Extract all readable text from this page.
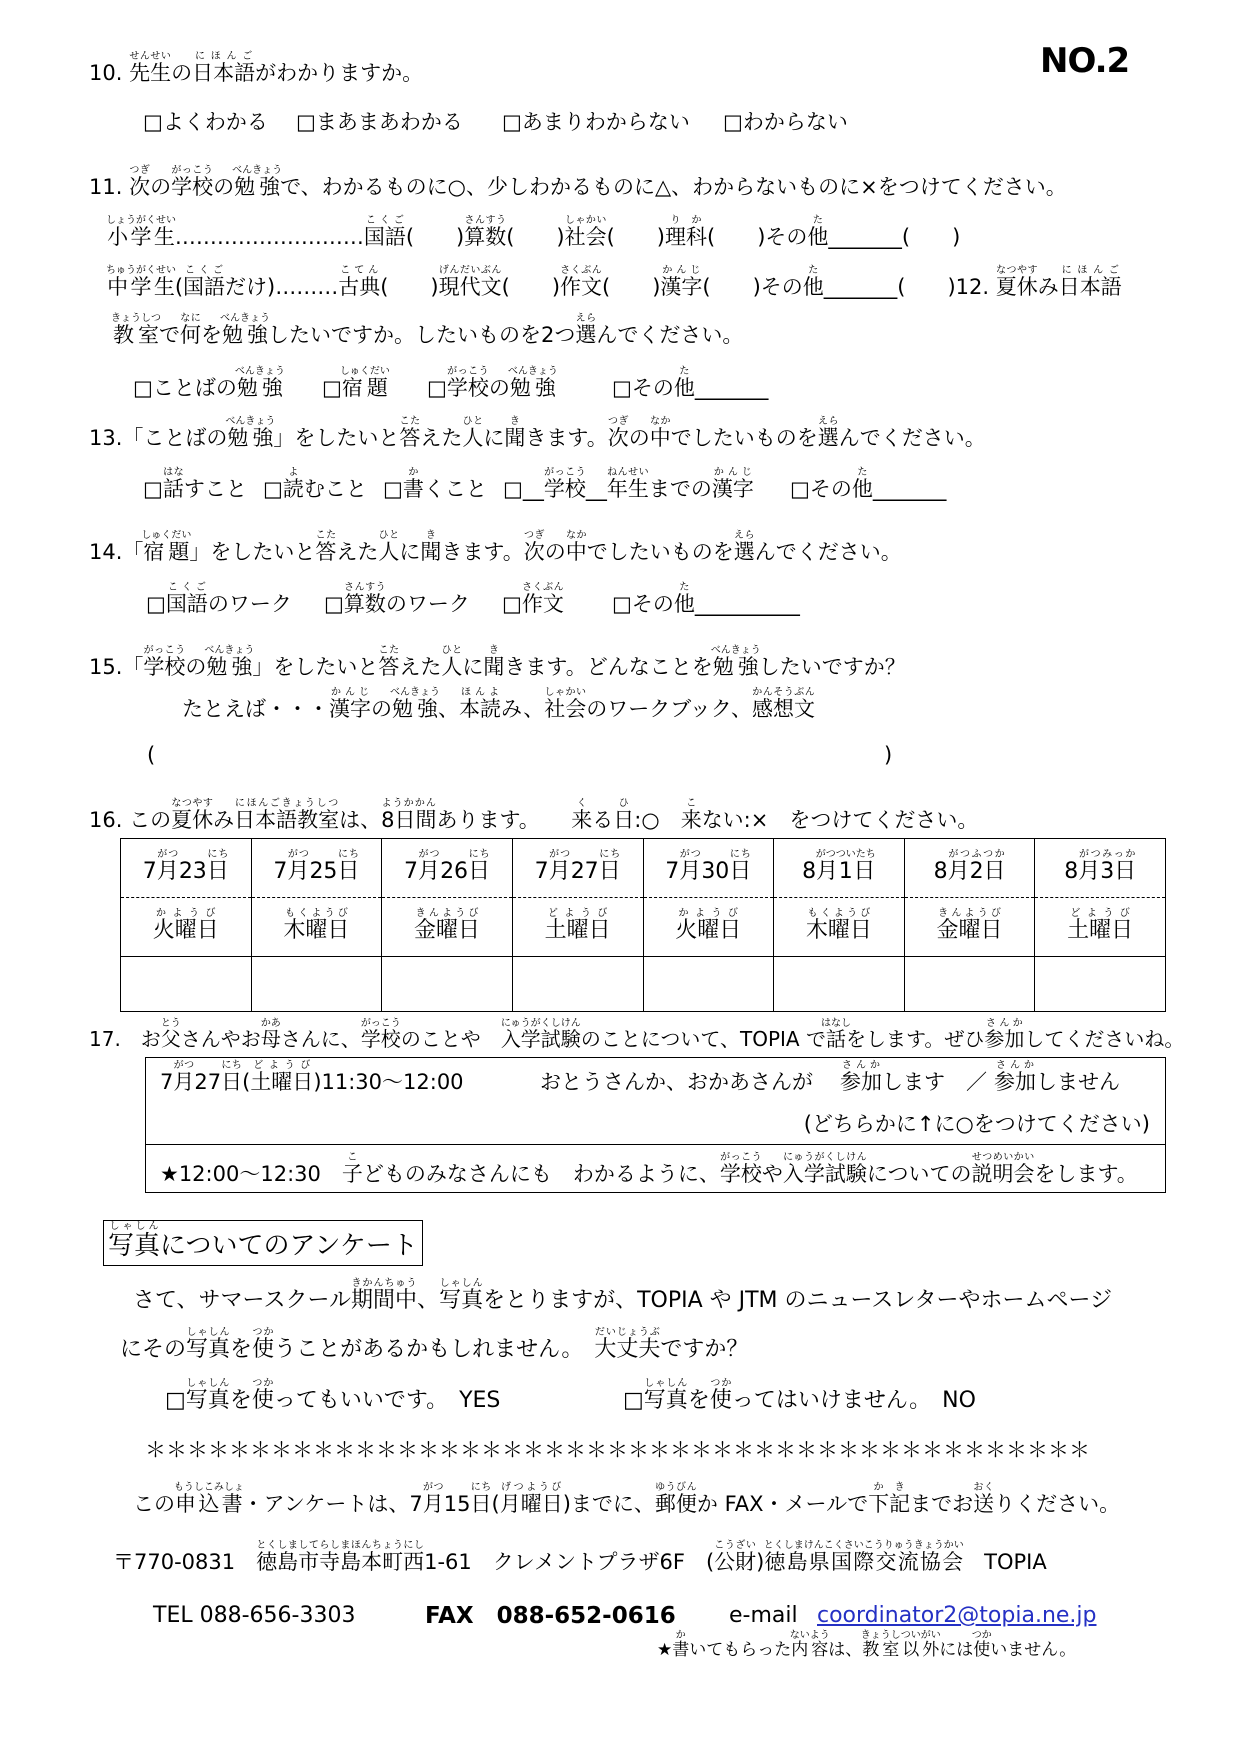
NO.2
10. 先生せんせいの日本語にほんごがわかりますか。
□よくわかる □まあまあわかる □あまりわからない □わからない
11. 次つぎの学校がっこうの勉強べんきょうで、わかるものに○、少しわかるものに△、わからないものに×をつけてください。
小学生しょうがくせい………………………国語こくご(　　)算数さんすう(　　)社会しゃかい(　　)理科りか(　　)その他た_______(　　)
中学生ちゅうがくせい(国語こくごだけ)………古典こてん(　　)現代文げんだいぶん(　　)作文さくぶん(　　)漢字かんじ(　　)その他た_______(　　)12. 夏休なつやすみ日本語にほんご
教室きょうしつで何なにを勉強べんきょうしたいですか。したいものを2つ選えらんでください。
□ことばの勉強べんきょう
□宿題しゅくだい
□学校がっこうの勉強べんきょう
□その他た_______
13.「ことばの勉強べんきょう」をしたいと答こたえた人ひとに聞ききます。次つぎの中なかでしたいものを選えらんでください。
□話はなすこと □読よむこと □書かくこと □__学校がっこう__年生ねんせいまでの漢字かんじ
□その他た_______
14.「宿題しゅくだい」をしたいと答こたえた人ひとに聞ききます。次つぎの中なかでしたいものを選えらんでください。
□国語こくごのワーク □算数さんすうのワーク □作文さくぶん
□その他た__________
15.「学校がっこうの勉強べんきょう」をしたいと答こたえた人ひとに聞ききます。どんなことを勉強べんきょうしたいですか？
たとえば・・・漢字かんじの勉強べんきょう、本読ほんよみ、社会しゃかいのワークブック、感想文かんそうぶん
(	)
16. この夏休なつやすみ日本語教室にほんごきょうしつは、8日間ようかかんあります。　　来くる日ひ:○　来こない:×　をつけてください。
7月がつ23日にち	7月がつ25日にち	7月がつ26日にち	7月がつ27日にち	7月がつ30日にち	8月1日がつついたち	8月2日がつふつか	8月3日がつみっか
火曜日かようび	木曜日もくようび	金曜日きんようび	土曜日どようび	火曜日かようび	木曜日もくようび	金曜日きんようび	土曜日どようび

17.　お父とうさんやお母かあさんに、学校がっこうのことや　入学試験にゅうがくしけんのことについて、TOPIA で話はなしをします。ぜひ参加さんかしてくださいね。
7月がつ27日にち(土曜日どようび)11:30～12:00	おとうさんか、おかあさんが 参加さんかします ／ 参加さんかしません
(どちらかに↑に○をつけてください)
★12:00～12:30　子こどものみなさんにも　わかるように、学校がっこうや入学試験にゅうがくしけんについての説明会せつめいかいをします。
写真しゃしんについてのアンケート
さて、サマースクール期間中きかんちゅう、写真しゃしんをとりますが、TOPIA や JTM のニュースレターやホームページ
にその写真しゃしんを使つかうことがあるかもしれません。　大丈夫だいじょうぶですか？
□写真しゃしんを使つかってもいいです。　YES	□写真しゃしんを使つかってはいけません。　NO
＊＊＊＊＊＊＊＊＊＊＊＊＊＊＊＊＊＊＊＊＊＊＊＊＊＊＊＊＊＊＊＊＊＊＊＊＊＊＊＊＊＊＊＊＊
この申込書もうしこみしょ・アンケートは、7月がつ15日にち(月曜日げつようび)までに、郵便ゆうびんか FAX・メールで下記かきまでお送おくりください。
〒770-0831　徳島市寺島本町西とくしましてらしまほんちょうにし1-61　クレメントプラザ6F　(公財こうざい)徳島県国際交流協会とくしまけんこくさいこうりゅうきょうかい　TOPIA
TEL 088-656-3303	FAX　088-652-0616 e-mail coordinator2@topia.ne.jp
★書かいてもらった内容ないようは、教室以外きょうしついがいには使つかいません。
